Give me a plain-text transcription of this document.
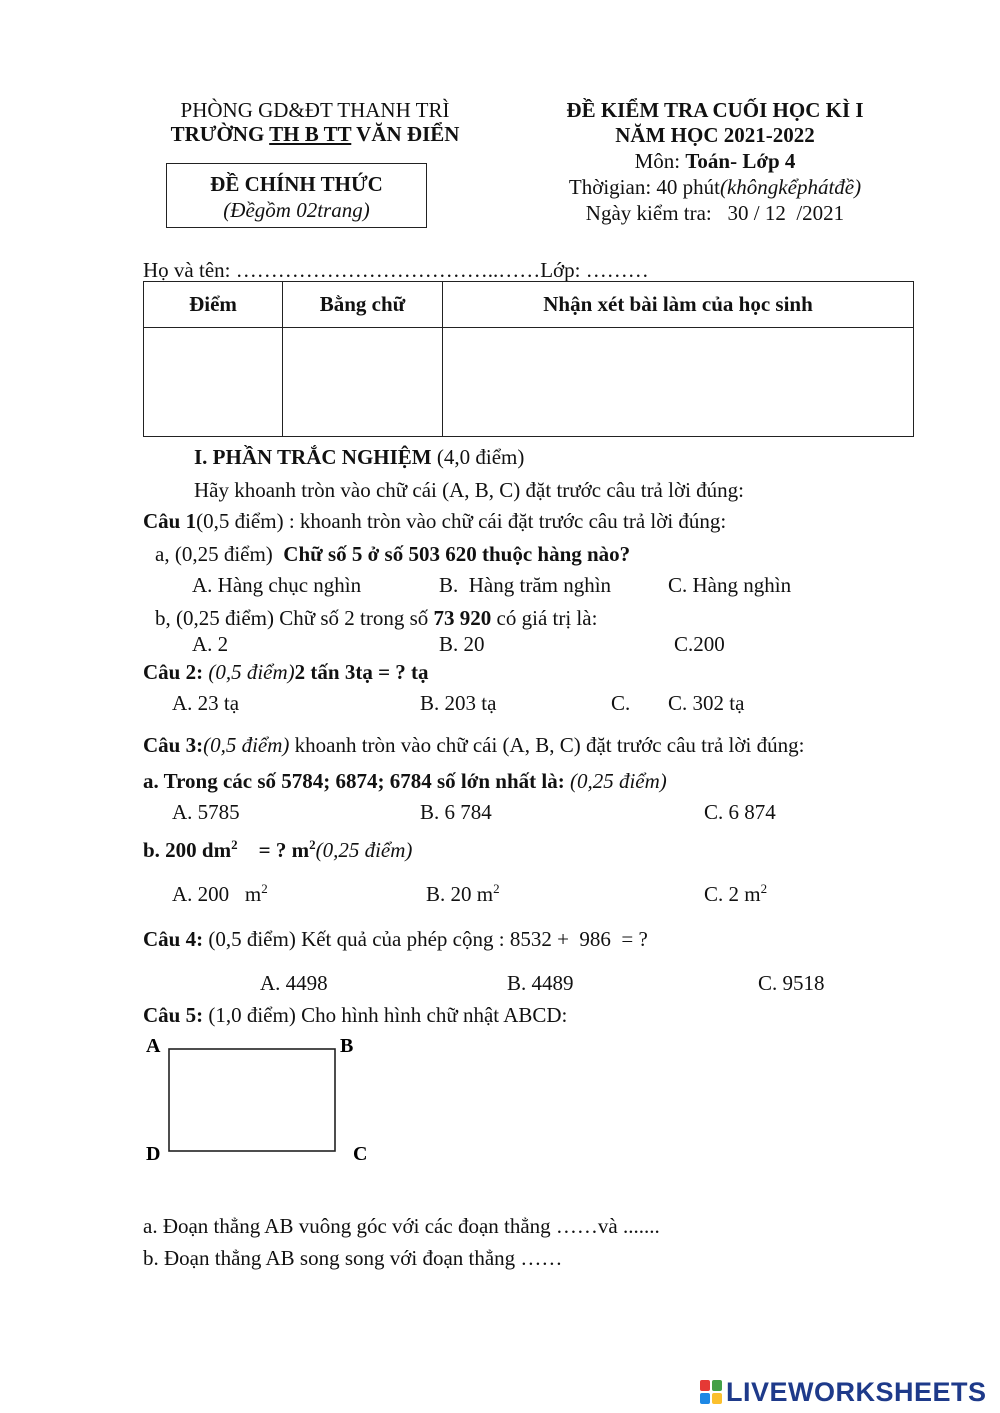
PHÒNG GD&ĐT THANH TRÌ
TRƯỜNG TH B TT VĂN ĐIỂN
ĐỀ CHÍNH THỨC
(Đềgồm 02trang)
ĐỀ KIỂM TRA CUỐI HỌC KÌ I
NĂM HỌC 2021-2022
Môn: Toán- Lớp 4
Thờigian: 40 phút(khôngkểphátđề)
Ngày kiểm tra:   30 / 12  /2021
Họ và tên: ………………………………..……Lớp: ………
Điểm	Bằng chữ	Nhận xét bài làm của học sinh

I. PHẦN TRẮC NGHIỆM (4,0 điểm)
Hãy khoanh tròn vào chữ cái (A, B, C) đặt trước câu trả lời đúng:
Câu 1(0,5 điểm) : khoanh tròn vào chữ cái đặt trước câu trả lời đúng:
a, (0,25 điểm)  Chữ số 5 ở số 503 620 thuộc hàng nào?
A. Hàng chục nghìn	B.  Hàng trăm nghìn	C. Hàng nghìn
b, (0,25 điểm) Chữ số 2 trong số 73 920 có giá trị là:
A. 2	B. 20	C.200
Câu 2: (0,5 điểm)2 tấn 3tạ = ? tạ
A. 23 tạ	B. 203 tạ	C. C. 302 tạ
Câu 3:(0,5 điểm) khoanh tròn vào chữ cái (A, B, C) đặt trước câu trả lời đúng:
a. Trong các số 5784; 6874; 6784 số lớn nhất là: (0,25 điểm)
A. 5785	B. 6 784	C. 6 874
b. 200 $dm^2$    = ? $m^2(0,25$ điểm)
A. 200   $m^2$	B. 20 $m^2$	C. 2 $m^2$
Câu 4: (0,5 điểm) Kết quả của phép cộng : 8532 +  986  = ?
A. 4498	B. 4489	C. 9518
Câu 5: (1,0 điểm) Cho hình hình chữ nhật ABCD:
A	B
C
D
a. Đoạn thẳng AB vuông góc với các đoạn thẳng ……và .......
b. Đoạn thẳng AB song song với đoạn thẳng ……
LIVEWORKSHEETS
